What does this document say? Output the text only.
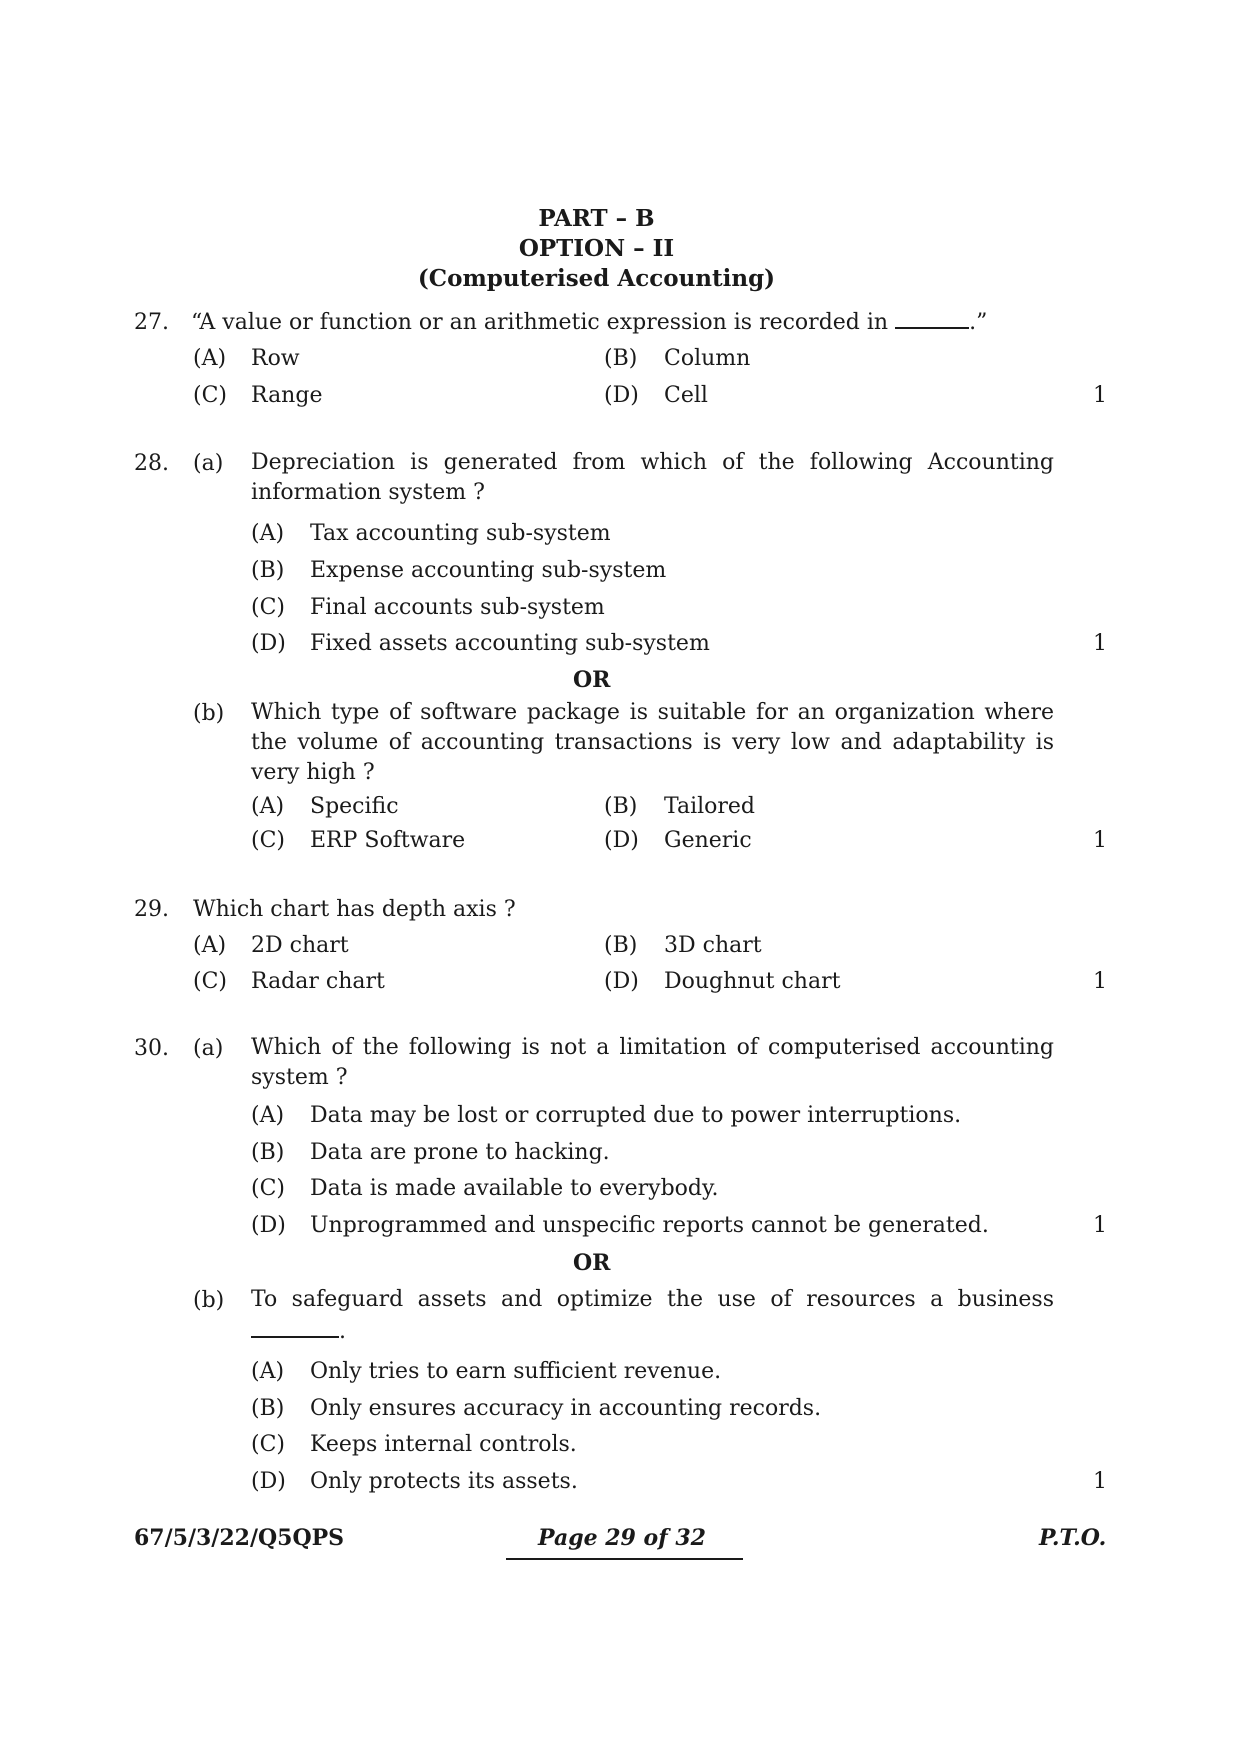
PART – B
OPTION – II
(Computerised Accounting)
27. “A value or function or an arithmetic expression is recorded in	.”
(A) Row	(B) Column
(C) Range	(D) Cell	1
28. (a) Depreciation is generated from which of the following Accounting information system ?
(A) Tax accounting sub-system
(B) Expense accounting sub-system
(C) Final accounts sub-system
(D) Fixed assets accounting sub-system	1
OR
(b) Which type of software package is suitable for an organization where the volume of accounting transactions is very low and adaptability is very high ?
(A) Specific	(B) Tailored
(C) ERP Software	(D) Generic	1
29. Which chart has depth axis ?
(A) 2D chart	(B) 3D chart
(C) Radar chart	(D) Doughnut chart	1
30. (a) Which of the following is not a limitation of computerised accounting system ?
(A) Data may be lost or corrupted due to power interruptions.
(B) Data are prone to hacking.
(C) Data is made available to everybody.
(D) Unprogrammed and unspecific reports cannot be generated.	1
OR
(b) To safeguard assets and optimize the use of resources a business
.
(A) Only tries to earn sufficient revenue.
(B) Only ensures accuracy in accounting records.
(C) Keeps internal controls.
(D) Only protects its assets.	1
67/5/3/22/Q5QPS	Page 29 of 32	P.T.O.
